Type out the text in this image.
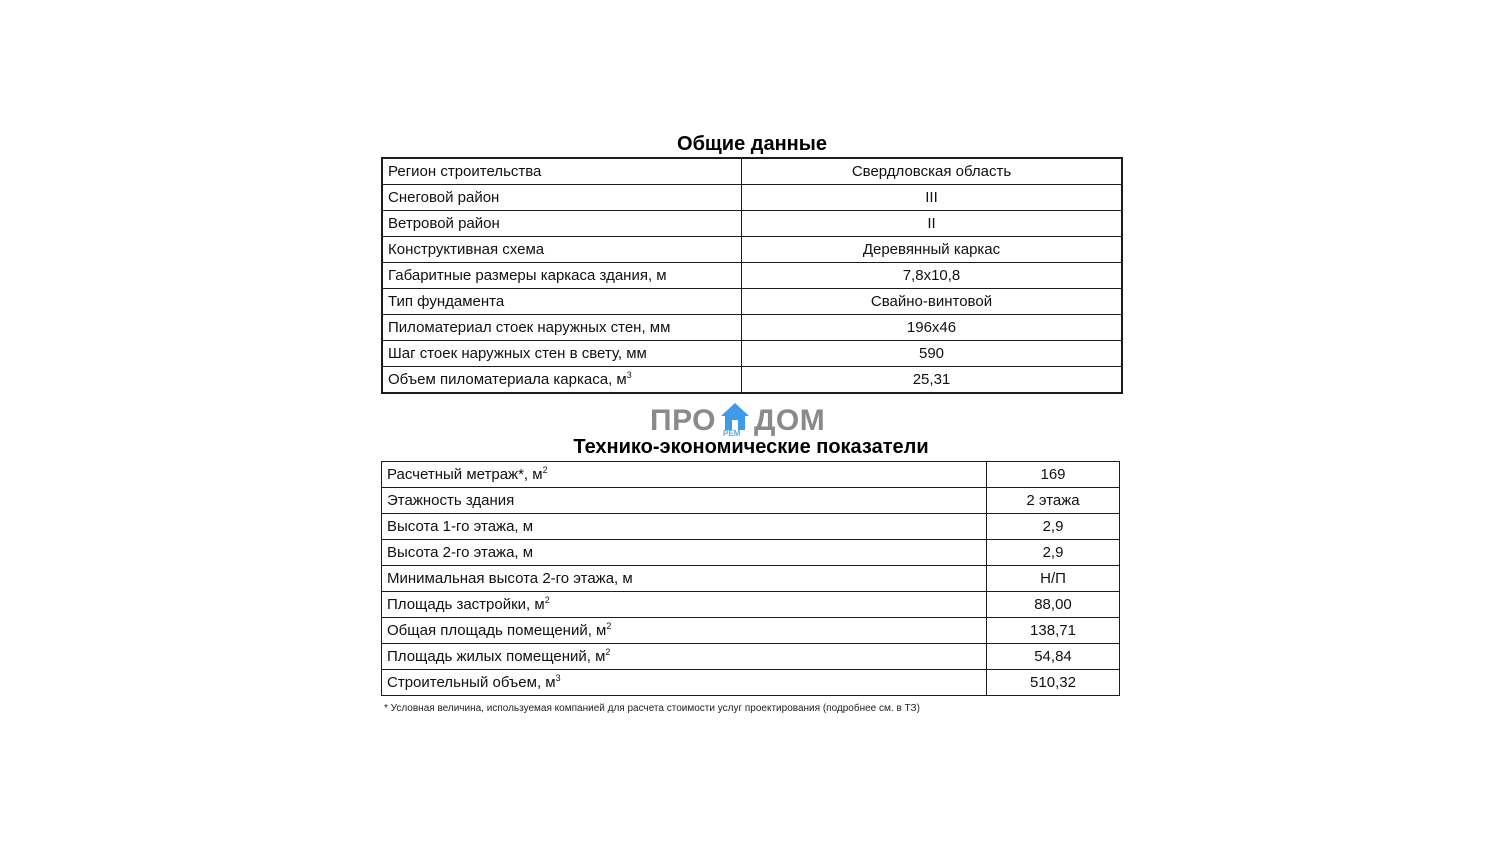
Общие данные
Регион строительства	Свердловская область
Снеговой район	III
Ветровой район	II
Конструктивная схема	Деревянный каркас
Габаритные размеры каркаса здания, м	7,8х10,8
Тип фундамента	Свайно-винтовой
Пиломатериал стоек наружных стен, мм	196х46
Шаг стоек наружных стен в свету, мм	590
Объем пиломатериала каркаса, $м^3$	25,31
ПРО РЕМ ДОМ
Технико-экономические показатели
Расчетный метраж*, $м^2$	169
Этажность здания	2 этажа
Высота 1-го этажа, м	2,9
Высота 2-го этажа, м	2,9
Минимальная высота 2-го этажа, м	Н/П
Площадь застройки, $м^2$	88,00
Общая площадь помещений, $м^2$	138,71
Площадь жилых помещений, $м^2$	54,84
Строительный объем, $м^3$	510,32
* Условная величина, используемая компанией для расчета стоимости услуг проектирования (подробнее см. в ТЗ)
